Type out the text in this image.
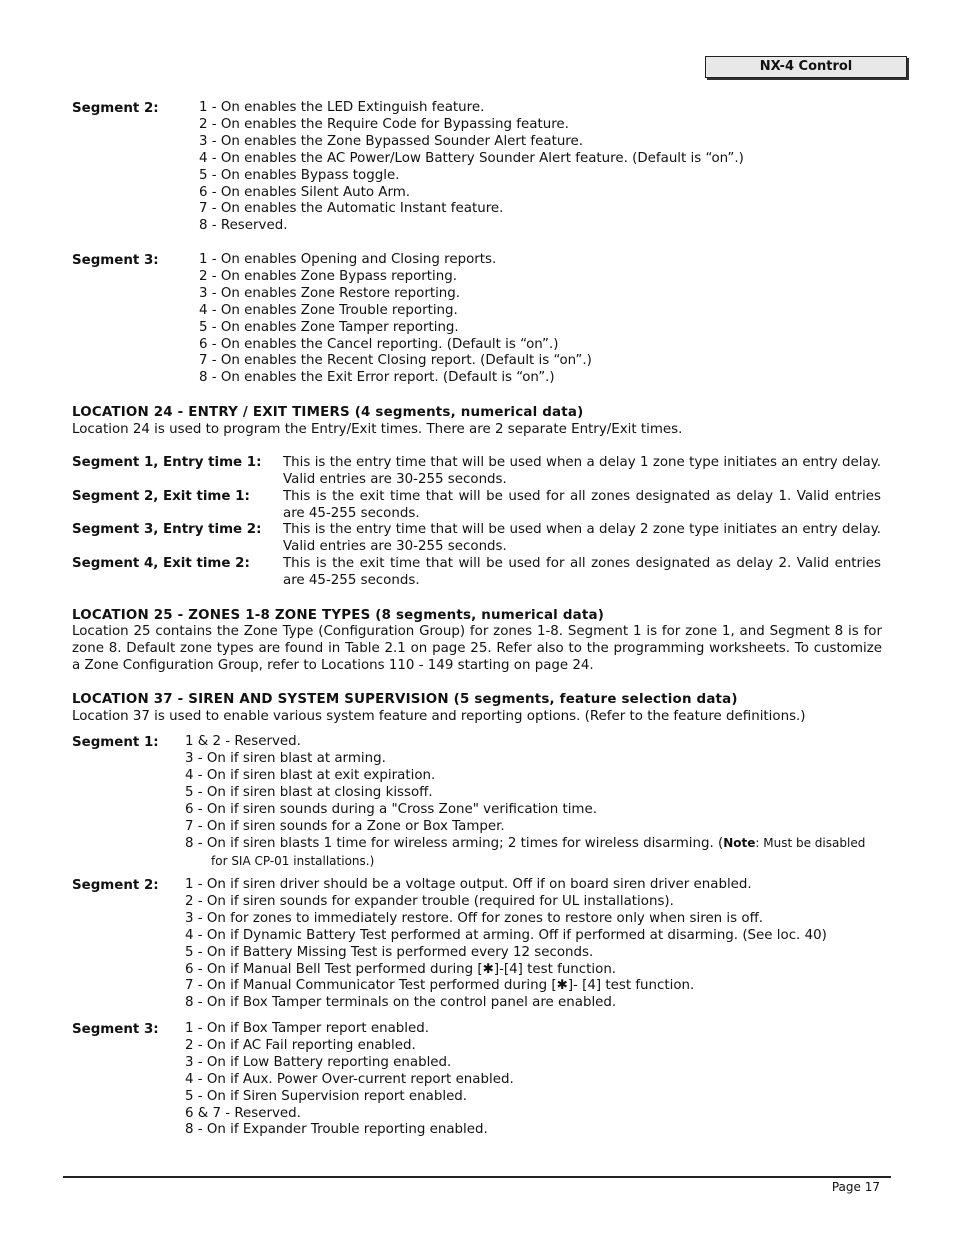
NX-4 Control
Segment 2:	1 - On enables the LED Extinguish feature.
2 - On enables the Require Code for Bypassing feature.
3 - On enables the Zone Bypassed Sounder Alert feature.
4 - On enables the AC Power/Low Battery Sounder Alert feature. (Default is “on”.)
5 - On enables Bypass toggle.
6 - On enables Silent Auto Arm.
7 - On enables the Automatic Instant feature.
8 - Reserved.
Segment 3:	1 - On enables Opening and Closing reports.
2 - On enables Zone Bypass reporting.
3 - On enables Zone Restore reporting.
4 - On enables Zone Trouble reporting.
5 - On enables Zone Tamper reporting.
6 - On enables the Cancel reporting. (Default is “on”.)
7 - On enables the Recent Closing report. (Default is “on”.)
8 - On enables the Exit Error report. (Default is “on”.)
LOCATION 24 - ENTRY / EXIT TIMERS (4 segments, numerical data)
Location 24 is used to program the Entry/Exit times. There are 2 separate Entry/Exit times.
Segment 1, Entry time 1: This is the entry time that will be used when a delay 1 zone type initiates an entry delay. Valid entries are 30-255 seconds.
Segment 2, Exit time 1: This is the exit time that will be used for all zones designated as delay 1. Valid entries are 45-255 seconds.
Segment 3, Entry time 2: This is the entry time that will be used when a delay 2 zone type initiates an entry delay. Valid entries are 30-255 seconds.
Segment 4, Exit time 2: This is the exit time that will be used for all zones designated as delay 2. Valid entries are 45-255 seconds.
LOCATION 25 - ZONES 1-8 ZONE TYPES (8 segments, numerical data)
Location 25 contains the Zone Type (Configuration Group) for zones 1-8. Segment 1 is for zone 1, and Segment 8 is for zone 8. Default zone types are found in Table 2.1 on page 25. Refer also to the programming worksheets. To customize a Zone Configuration Group, refer to Locations 110 - 149 starting on page 24.
LOCATION 37 - SIREN AND SYSTEM SUPERVISION (5 segments, feature selection data)
Location 37 is used to enable various system feature and reporting options. (Refer to the feature definitions.)
Segment 1: 1 & 2 - Reserved.
3 - On if siren blast at arming.
4 - On if siren blast at exit expiration.
5 - On if siren blast at closing kissoff.
6 - On if siren sounds during a "Cross Zone" verification time.
7 - On if siren sounds for a Zone or Box Tamper.
8 - On if siren blasts 1 time for wireless arming; 2 times for wireless disarming. (Note: Must be disabled
for SIA CP-01 installations.)
Segment 2: 1 - On if siren driver should be a voltage output. Off if on board siren driver enabled.
2 - On if siren sounds for expander trouble (required for UL installations).
3 - On for zones to immediately restore. Off for zones to restore only when siren is off.
4 - On if Dynamic Battery Test performed at arming. Off if performed at disarming. (See loc. 40)
5 - On if Battery Missing Test is performed every 12 seconds.
6 - On if Manual Bell Test performed during [✱]-[4] test function.
7 - On if Manual Communicator Test performed during [✱]- [4] test function.
8 - On if Box Tamper terminals on the control panel are enabled.
Segment 3: 1 - On if Box Tamper report enabled.
2 - On if AC Fail reporting enabled.
3 - On if Low Battery reporting enabled.
4 - On if Aux. Power Over-current report enabled.
5 - On if Siren Supervision report enabled.
6 & 7 - Reserved.
8 - On if Expander Trouble reporting enabled.
Page 17
